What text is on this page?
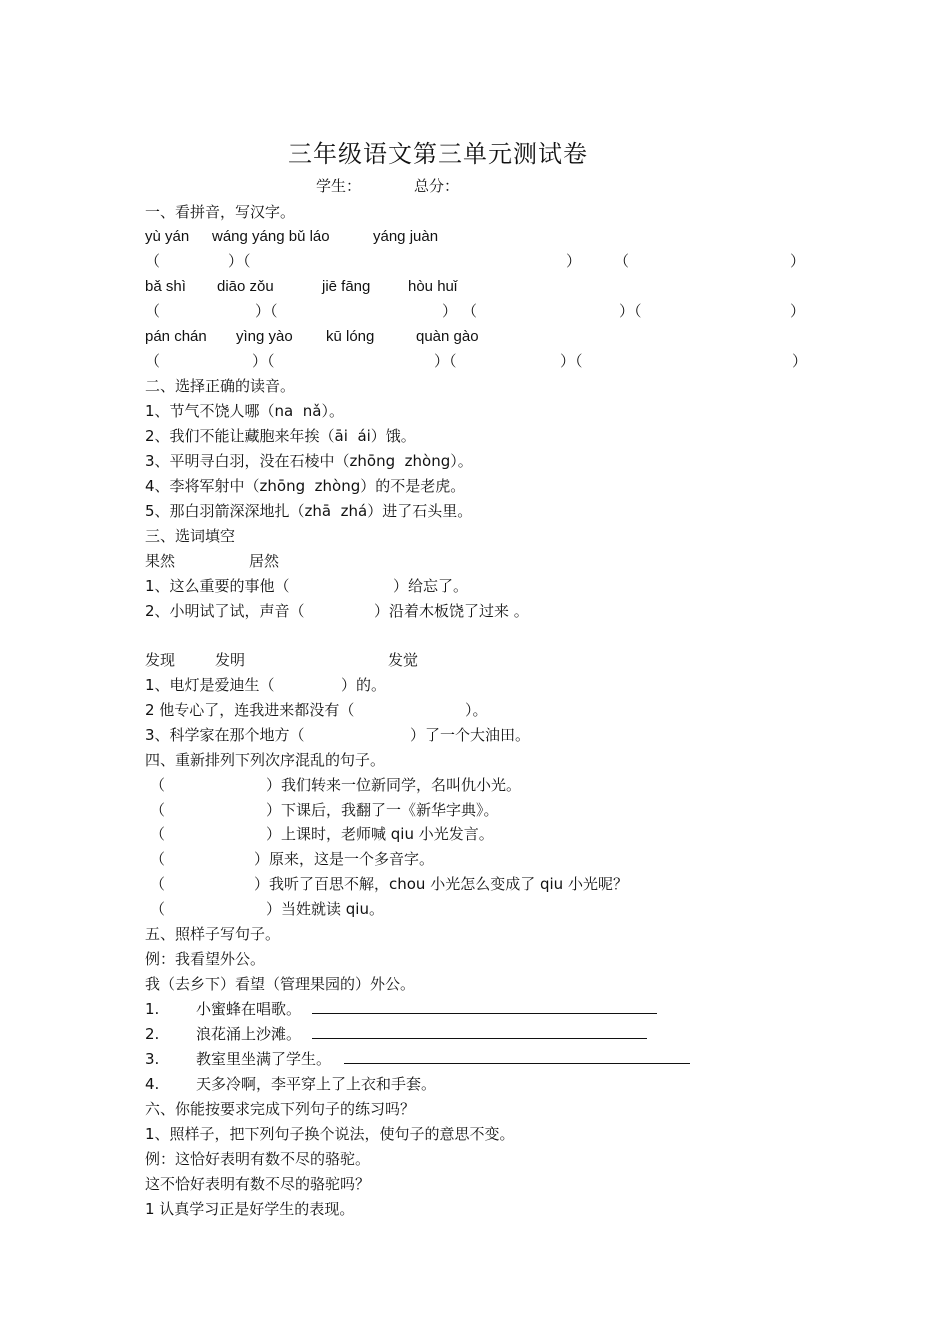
三年级语文第三单元测试卷
学生：	总分：
一、看拼音，写汉字。
yù yán wánɡ yánɡ bǔ láo	yánɡ juàn
（	）（	） （	）
bǎ shì diāo zǒu	jiē fānɡ	hòu huǐ
（	）（	） （	）（	）
pán chán yìnɡ yào kū lónɡ	quàn ɡào
（	）（	）（	）（	）
二、选择正确的读音。
1、节气不饶人哪（na  nǎ）。
2、我们不能让藏胞来年挨（āi  ái）饿。
3、平明寻白羽，没在石棱中（zhōng  zhòng）。
4、李将军射中（zhōng  zhòng）的不是老虎。
5、那白羽箭深深地扎（zhā  zhá）进了石头里。
三、选词填空
果然	居然
1、这么重要的事他（	）给忘了。
2、小明试了试，声音（	）沿着木板饶了过来 。
发现	发明	发觉
1、电灯是爱迪生（	）的。
2 他专心了，连我进来都没有（	）。
3、科学家在那个地方（	）了一个大油田。
四、重新排列下列次序混乱的句子。
（	）我们转来一位新同学，名叫仇小光。
（	）下课后，我翻了一《新华字典》。
（	）上课时，老师喊 qiu 小光发言。
（	）原来，这是一个多音字。
（	）我听了百思不解，chou 小光怎么变成了 qiu 小光呢？
（	）当姓就读 qiu。
五、照样子写句子。
例：我看望外公。
我（去乡下）看望（管理果园的）外公。
1. 小蜜蜂在唱歌。
2. 浪花涌上沙滩。
3. 教室里坐满了学生。
4. 天多冷啊，李平穿上了上衣和手套。
六、你能按要求完成下列句子的练习吗？
1、照样子，把下列句子换个说法，使句子的意思不变。
例：这恰好表明有数不尽的骆驼。
这不恰好表明有数不尽的骆驼吗？
1 认真学习正是好学生的表现。
